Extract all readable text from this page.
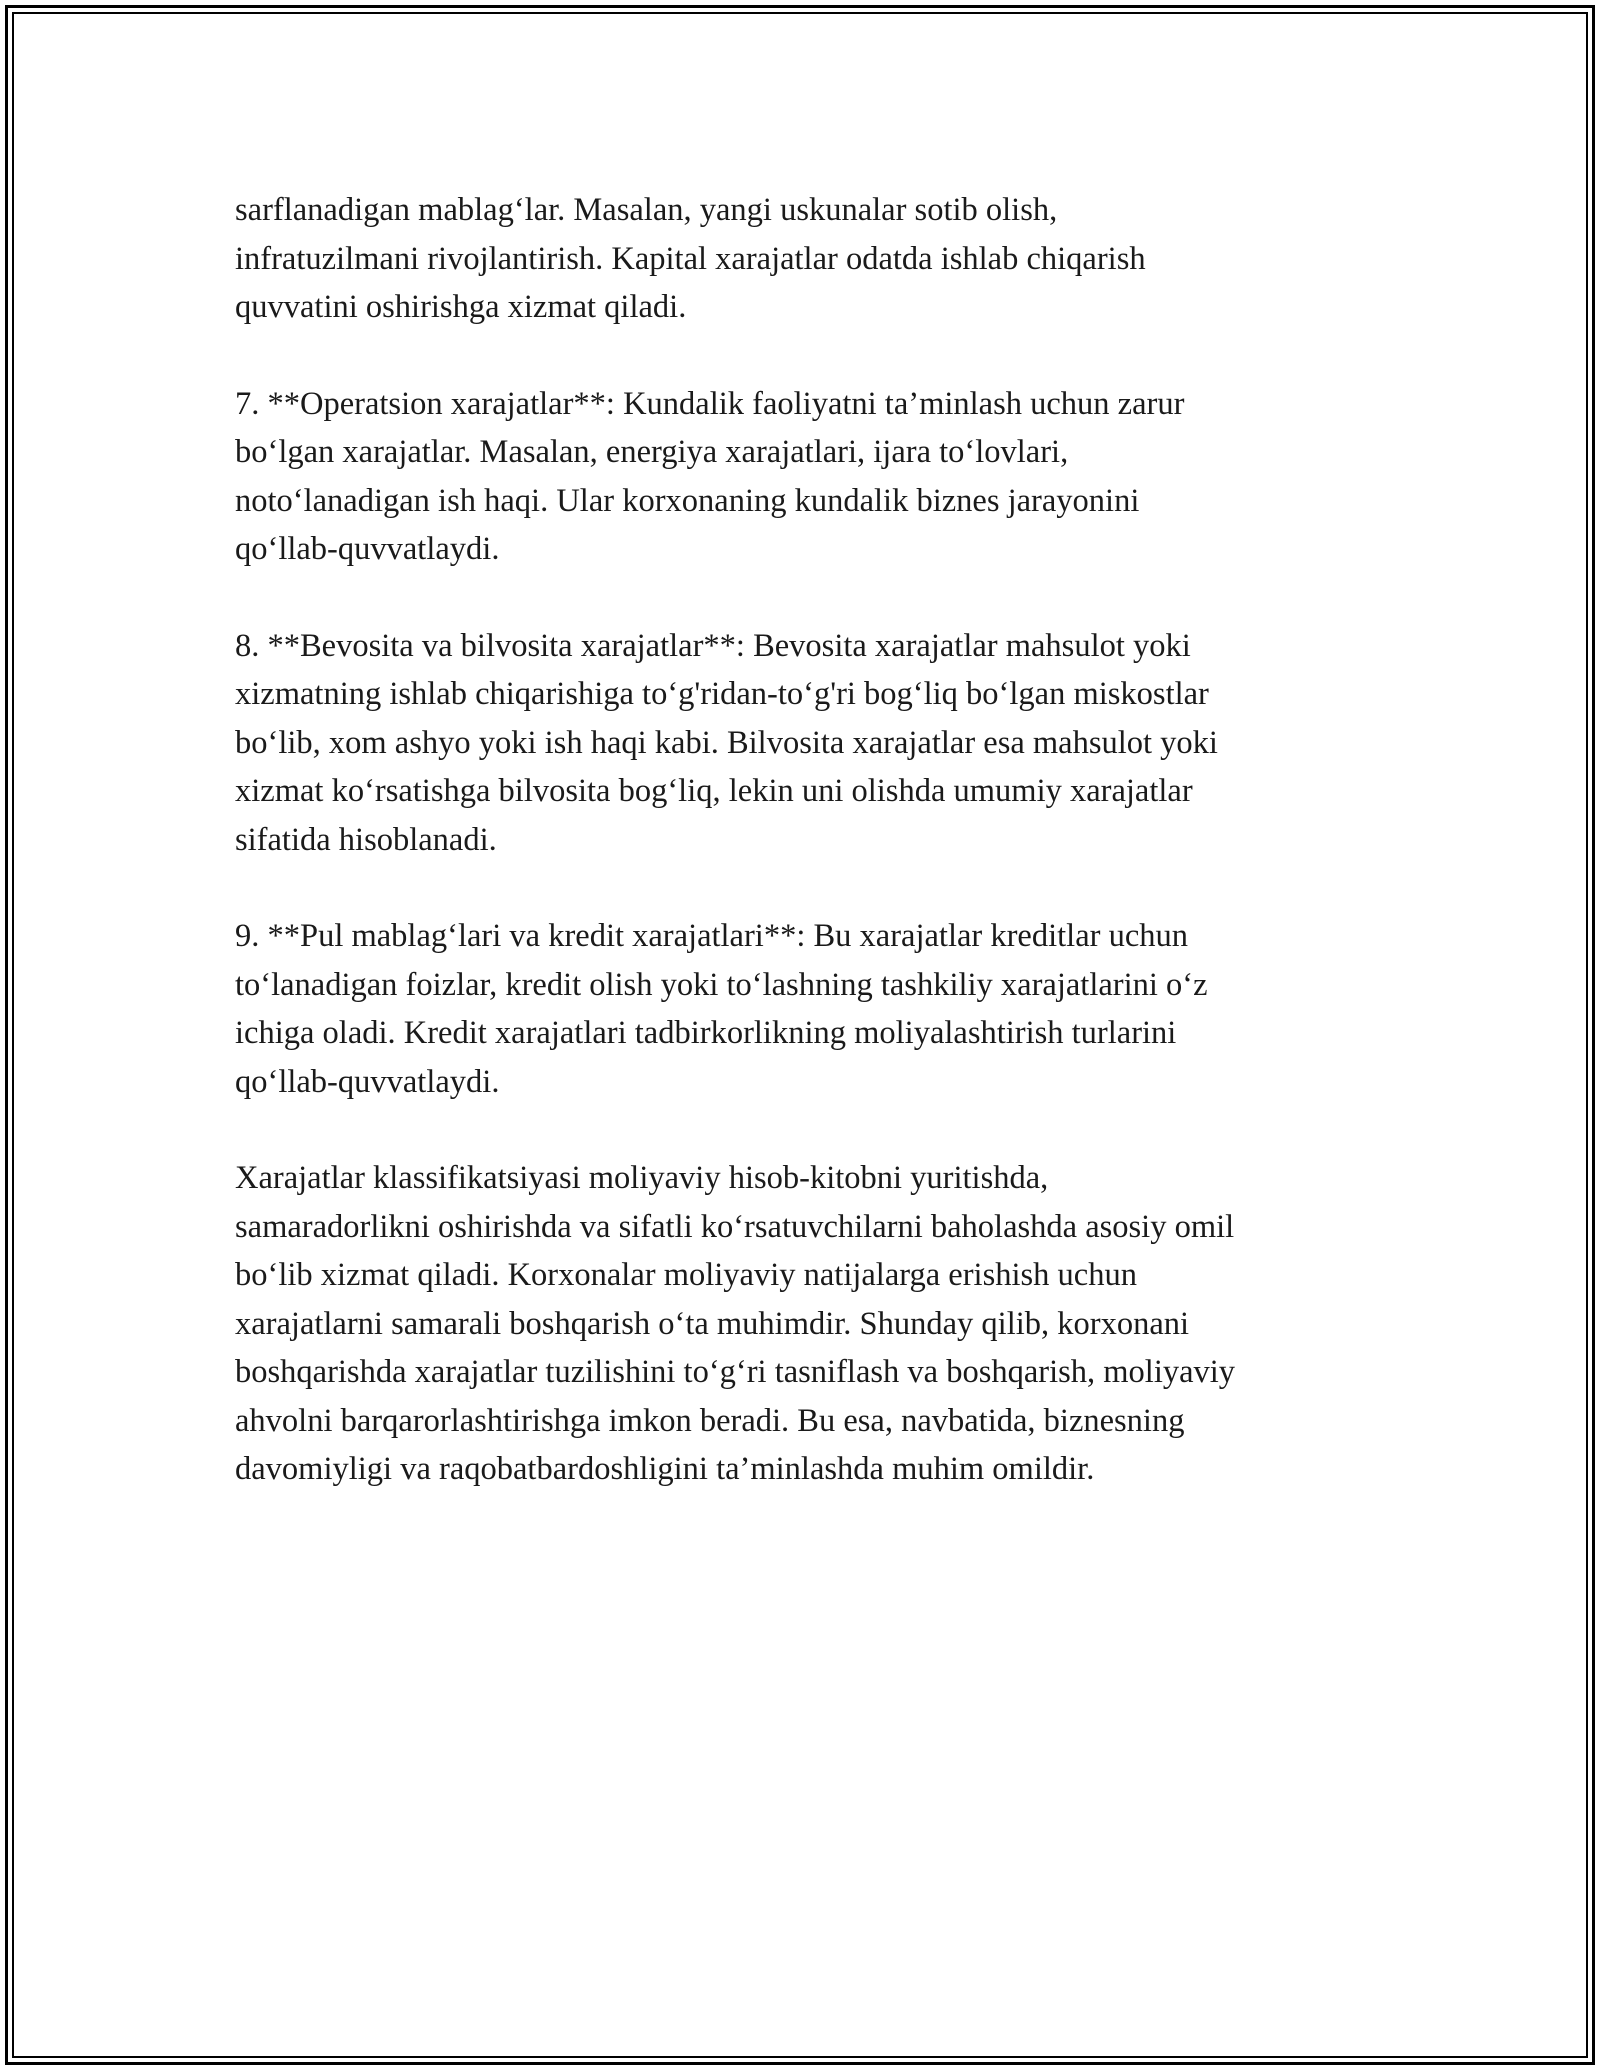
sarflanadigan mablag‘lar. Masalan, yangi uskunalar sotib olish,
infratuzilmani rivojlantirish. Kapital xarajatlar odatda ishlab chiqarish
quvvatini oshirishga xizmat qiladi.

7. **Operatsion xarajatlar**: Kundalik faoliyatni ta’minlash uchun zarur
bo‘lgan xarajatlar. Masalan, energiya xarajatlari, ijara to‘lovlari,
noto‘lanadigan ish haqi. Ular korxonaning kundalik biznes jarayonini
qo‘llab-quvvatlaydi.

8. **Bevosita va bilvosita xarajatlar**: Bevosita xarajatlar mahsulot yoki
xizmatning ishlab chiqarishiga to‘g'ridan-to‘g'ri bog‘liq bo‘lgan miskostlar
bo‘lib, xom ashyo yoki ish haqi kabi. Bilvosita xarajatlar esa mahsulot yoki
xizmat ko‘rsatishga bilvosita bog‘liq, lekin uni olishda umumiy xarajatlar
sifatida hisoblanadi.

9. **Pul mablag‘lari va kredit xarajatlari**: Bu xarajatlar kreditlar uchun
to‘lanadigan foizlar, kredit olish yoki to‘lashning tashkiliy xarajatlarini o‘z
ichiga oladi. Kredit xarajatlari tadbirkorlikning moliyalashtirish turlarini
qo‘llab-quvvatlaydi.

Xarajatlar klassifikatsiyasi moliyaviy hisob-kitobni yuritishda,
samaradorlikni oshirishda va sifatli ko‘rsatuvchilarni baholashda asosiy omil
bo‘lib xizmat qiladi. Korxonalar moliyaviy natijalarga erishish uchun
xarajatlarni samarali boshqarish o‘ta muhimdir. Shunday qilib, korxonani
boshqarishda xarajatlar tuzilishini to‘g‘ri tasniflash va boshqarish, moliyaviy
ahvolni barqarorlashtirishga imkon beradi. Bu esa, navbatida, biznesning
davomiyligi va raqobatbardoshligini ta’minlashda muhim omildir.
